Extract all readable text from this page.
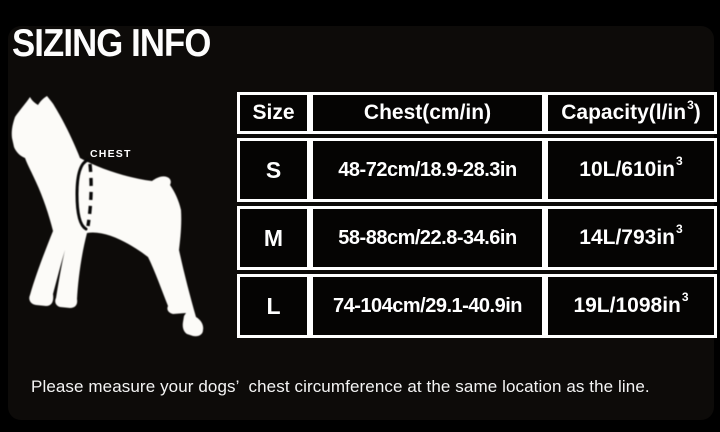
SIZING INFO
CHEST
Size	Chest(cm/in)	Capacity(l/in3)
S	48-72cm/18.9-28.3in	10L/610in3
M	58-88cm/22.8-34.6in	14L/793in3
L	74-104cm/29.1-40.9in	19L/1098in3

Please measure your dogs’  chest circumference at the same location as the line.
